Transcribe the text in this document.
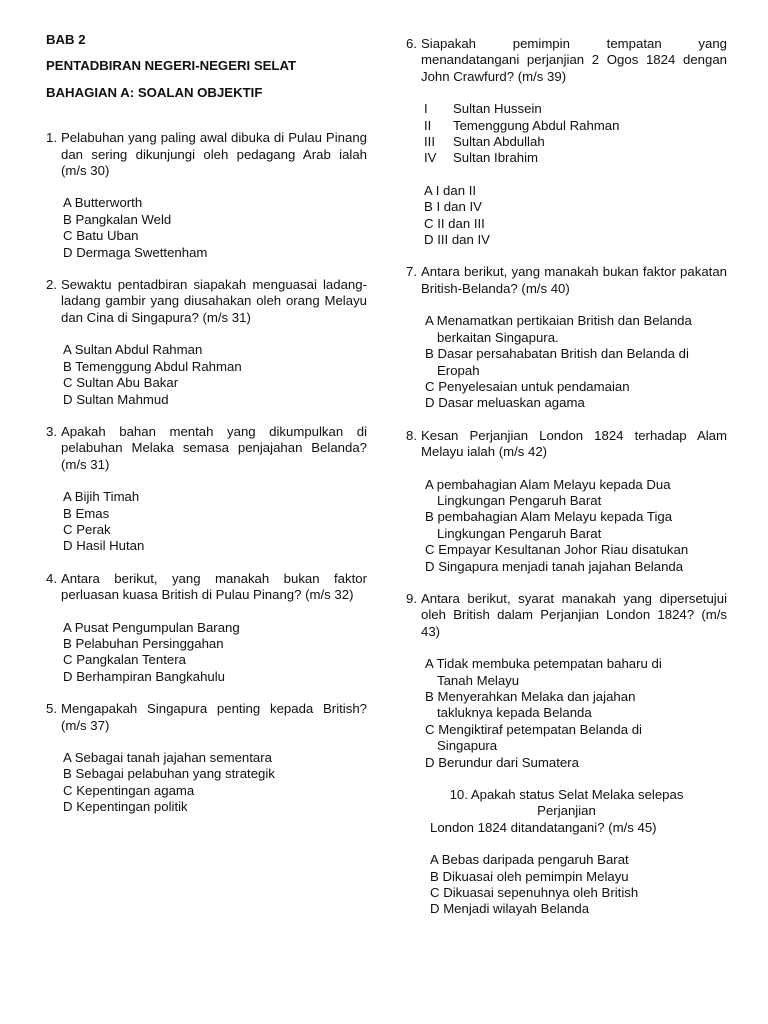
BAB 2

PENTADBIRAN NEGERI-NEGERI SELAT

BAHAGIAN A: SOALAN OBJEKTIF

1. Pelabuhan yang paling awal dibuka di Pulau Pinang dan sering dikunjungi oleh pedagang Arab ialah (m/s 30)
A Butterworth
B Pangkalan Weld
C Batu Uban
D Dermaga Swettenham
2. Sewaktu pentadbiran siapakah menguasai ladang-ladang gambir yang diusahakan oleh orang Melayu dan Cina di Singapura? (m/s 31)
A Sultan Abdul Rahman
B Temenggung Abdul Rahman
C Sultan Abu Bakar
D Sultan Mahmud
3. Apakah bahan mentah yang dikumpulkan di pelabuhan Melaka semasa penjajahan Belanda? (m/s 31)
A Bijih Timah
B Emas
C Perak
D Hasil Hutan
4. Antara berikut, yang manakah bukan faktor perluasan kuasa British di Pulau Pinang? (m/s 32)
A Pusat Pengumpulan Barang
B Pelabuhan Persinggahan
C Pangkalan Tentera
D Berhampiran Bangkahulu
5. Mengapakah Singapura penting kepada British? (m/s 37)
A Sebagai tanah jajahan sementara
B Sebagai pelabuhan yang strategik
C Kepentingan agama
D Kepentingan politik
6. Siapakah pemimpin tempatan yang menandatangani perjanjian 2 Ogos 1824 dengan John Crawfurd? (m/s 39)
I	Sultan Hussein
II	Temenggung Abdul Rahman
III	Sultan Abdullah
IV	Sultan Ibrahim
A I dan II
B I dan IV
C II dan III
D III dan IV
7. Antara berikut, yang manakah bukan faktor pakatan British-Belanda? (m/s 40)
A Menamatkan pertikaian British dan Belanda
berkaitan Singapura.
B Dasar persahabatan British dan Belanda di
Eropah
C Penyelesaian untuk pendamaian
D Dasar meluaskan agama
8. Kesan Perjanjian London 1824 terhadap Alam Melayu ialah (m/s 42)
A pembahagian Alam Melayu kepada Dua
Lingkungan Pengaruh Barat
B pembahagian Alam Melayu kepada Tiga
Lingkungan Pengaruh Barat
C Empayar Kesultanan Johor Riau disatukan
D Singapura menjadi tanah jajahan Belanda
9. Antara berikut, syarat manakah yang dipersetujui oleh British dalam Perjanjian London 1824? (m/s 43)
A Tidak membuka petempatan baharu di
Tanah Melayu
B Menyerahkan Melaka dan jajahan
takluknya kepada Belanda
C Mengiktiraf petempatan Belanda di
Singapura
D Berundur dari Sumatera
10. Apakah status Selat Melaka selepas
Perjanjian
London 1824 ditandatangani? (m/s 45)
A Bebas daripada pengaruh Barat
B Dikuasai oleh pemimpin Melayu
C Dikuasai sepenuhnya oleh British
D Menjadi wilayah Belanda
